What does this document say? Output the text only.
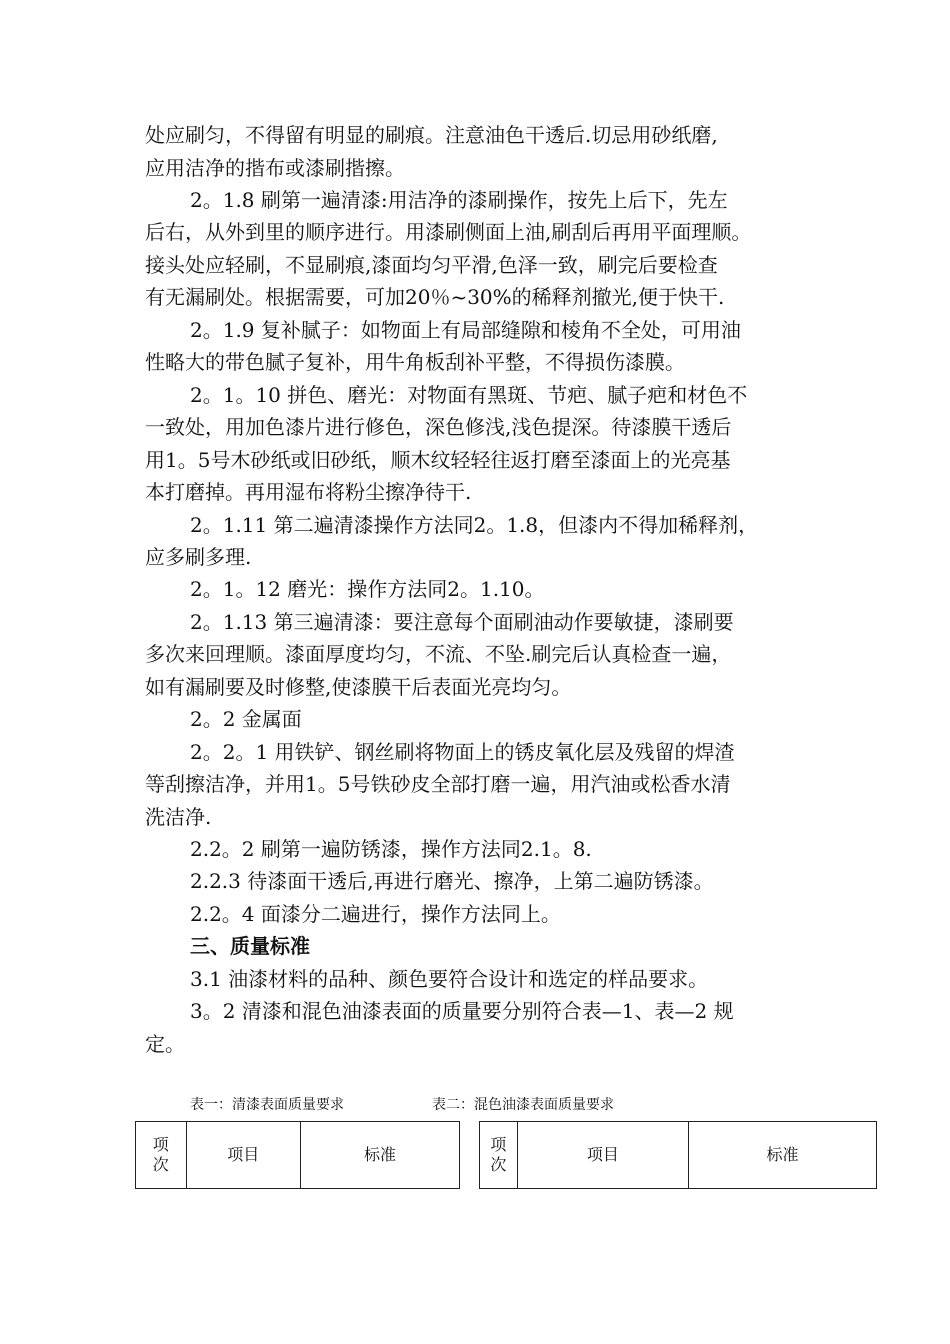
处应刷匀，不得留有明显的刷痕。注意油色干透后.切忌用砂纸磨,
应用洁净的揩布或漆刷揩擦。
2。1.8 刷第一遍清漆:用洁净的漆刷操作，按先上后下，先左
后右，从外到里的顺序进行。用漆刷侧面上油,刷刮后再用平面理顺。
接头处应轻刷，不显刷痕,漆面均匀平滑,色泽一致，刷完后要检查
有无漏刷处。根据需要，可加20％~30%的稀释剂撤光,便于快干.
2。1.9 复补腻子：如物面上有局部缝隙和棱角不全处，可用油
性略大的带色腻子复补，用牛角板刮补平整，不得损伤漆膜。
2。1。10 拼色、磨光：对物面有黑斑、节疤、腻子疤和材色不
一致处，用加色漆片进行修色，深色修浅,浅色提深。待漆膜干透后
用1。5号木砂纸或旧砂纸，顺木纹轻轻往返打磨至漆面上的光亮基
本打磨掉。再用湿布将粉尘擦净待干.
2。1.11 第二遍清漆操作方法同2。1.8，但漆内不得加稀释剂，
应多刷多理.
2。1。12 磨光：操作方法同2。1.10。
2。1.13 第三遍清漆：要注意每个面刷油动作要敏捷，漆刷要
多次来回理顺。漆面厚度均匀，不流、不坠.刷完后认真检查一遍，
如有漏刷要及时修整,使漆膜干后表面光亮均匀。
2。2 金属面
2。2。1 用铁铲、钢丝刷将物面上的锈皮氧化层及残留的焊渣
等刮擦洁净，并用1。5号铁砂皮全部打磨一遍，用汽油或松香水清
洗洁净.
2.2。2 刷第一遍防锈漆，操作方法同2.1。8.
2.2.3 待漆面干透后,再进行磨光、擦净，上第二遍防锈漆。
2.2。4 面漆分二遍进行，操作方法同上。
三、质量标准
3.1 油漆材料的品种、颜色要符合设计和选定的样品要求。
3。2 清漆和混色油漆表面的质量要分别符合表—1、表—2 规
定。
表一：清漆表面质量要求	表二：混色油漆表面质量要求
项
次
	项目	标准
项
次
	项目	标准
